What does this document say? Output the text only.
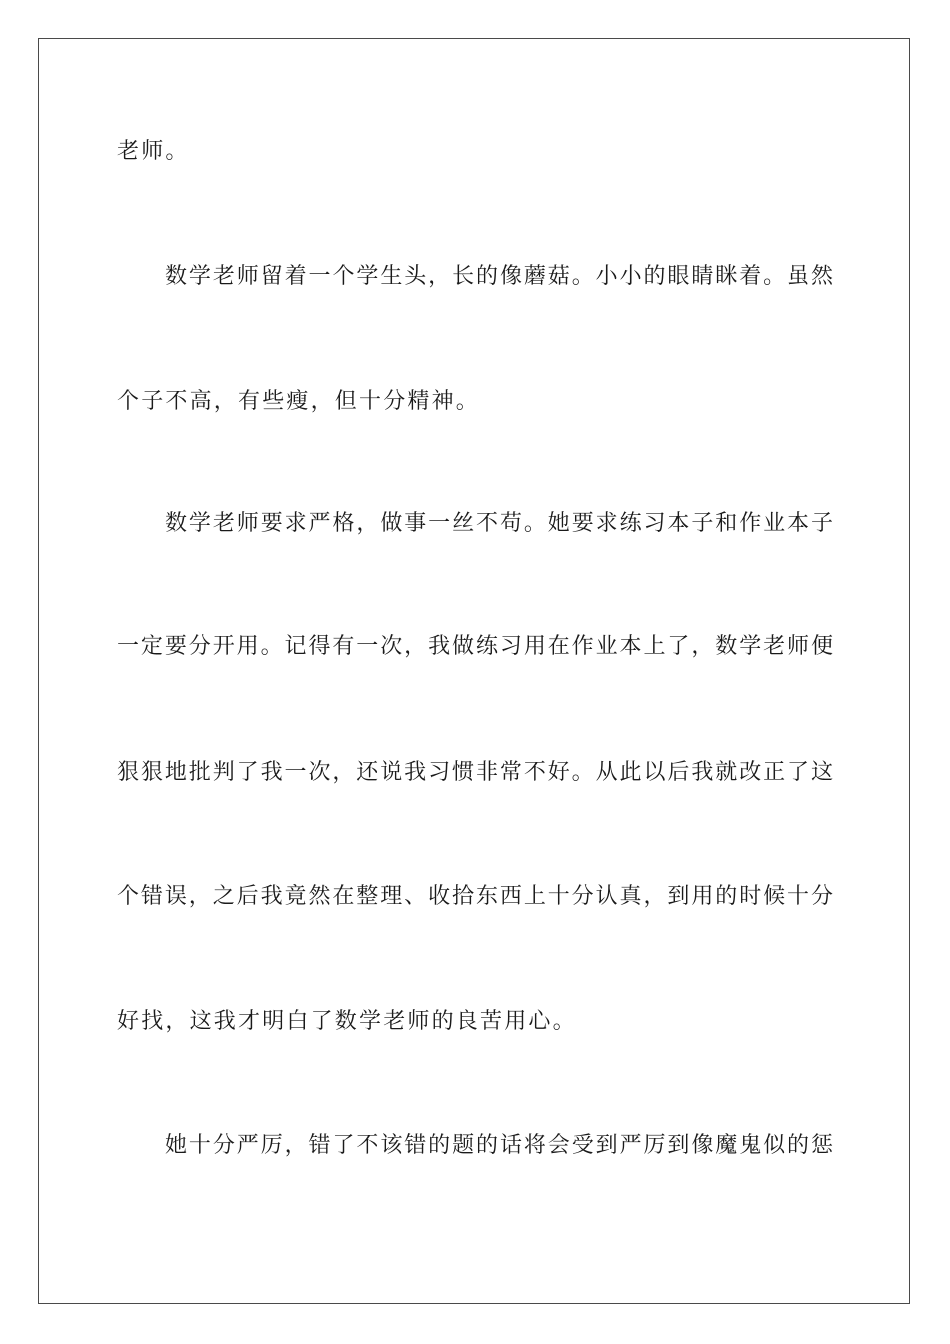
老师。
数学老师留着一个学生头，长的像蘑菇。小小的眼睛眯着。虽然
个子不高，有些瘦，但十分精神。
数学老师要求严格，做事一丝不苟。她要求练习本子和作业本子
一定要分开用。记得有一次，我做练习用在作业本上了，数学老师便
狠狠地批判了我一次，还说我习惯非常不好。从此以后我就改正了这
个错误，之后我竟然在整理、收拾东西上十分认真，到用的时候十分
好找，这我才明白了数学老师的良苦用心。
她十分严厉，错了不该错的题的话将会受到严厉到像魔鬼似的惩
